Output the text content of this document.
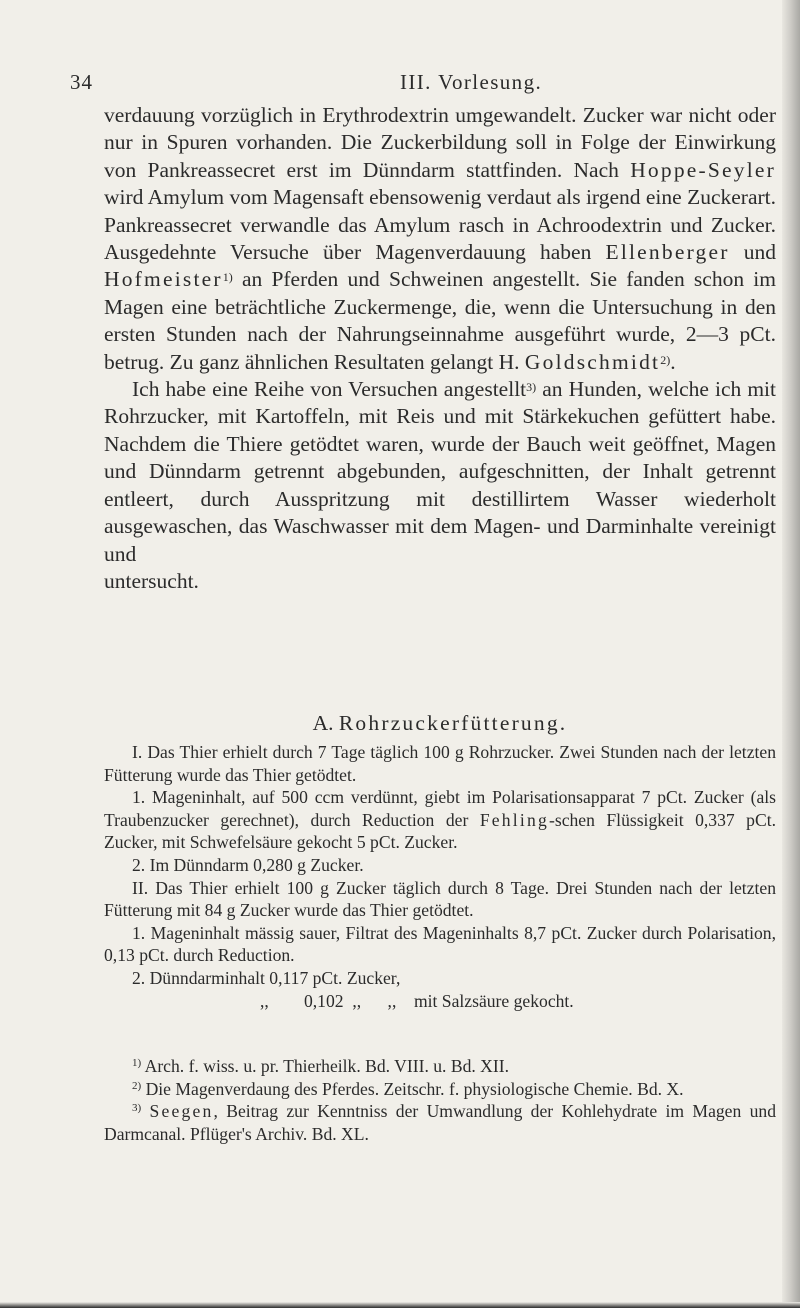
34	III. Vorlesung.

verdauung vorzüglich in Erythrodextrin umgewandelt. Zucker war nicht oder nur in Spuren vorhanden. Die Zuckerbildung soll in Folge der Einwirkung von Pankreassecret erst im Dünndarm stattfinden. Nach Hoppe-Seyler wird Amylum vom Magensaft ebensowenig verdaut als irgend eine Zuckerart. Pankreassecret verwandle das Amylum rasch in Achroodextrin und Zucker. Ausgedehnte Versuche über Magenverdauung haben Ellenberger und Hofmeister$^{1)}$ an Pferden und Schweinen angestellt. Sie fanden schon im Magen eine beträchtliche Zuckermenge, die, wenn die Untersuchung in den ersten Stunden nach der Nahrungseinnahme ausgeführt wurde, 2—3 pCt. betrug. Zu ganz ähnlichen Resultaten gelangt H. Goldschmidt$^{2)}$.

Ich habe eine Reihe von Versuchen angestellt$^{3)}$ an Hunden, welche ich mit Rohrzucker, mit Kartoffeln, mit Reis und mit Stärkekuchen gefüttert habe. Nachdem die Thiere getödtet waren, wurde der Bauch weit geöffnet, Magen und Dünndarm getrennt abgebunden, aufgeschnitten, der Inhalt getrennt entleert, durch Ausspritzung mit destillirtem Wasser wiederholt ausgewaschen, das Waschwasser mit dem Magen- und Darminhalte vereinigt und
untersucht.

A. Rohrzuckerfütterung.

I. Das Thier erhielt durch 7 Tage täglich 100 g Rohrzucker. Zwei Stunden nach der letzten Fütterung wurde das Thier getödtet.

1. Mageninhalt, auf 500 ccm verdünnt, giebt im Polarisationsapparat 7 pCt. Zucker (als Traubenzucker gerechnet), durch Reduction der Fehling-schen Flüssigkeit 0,337 pCt. Zucker, mit Schwefelsäure gekocht 5 pCt. Zucker.

2. Im Dünndarm 0,280 g Zucker.

II. Das Thier erhielt 100 g Zucker täglich durch 8 Tage. Drei Stunden nach der letzten Fütterung mit 84 g Zucker wurde das Thier getödtet.

1. Mageninhalt mässig sauer, Filtrat des Mageninhalts 8,7 pCt. Zucker durch Polarisation, 0,13 pCt. durch Reduction.

2. Dünndarminhalt 0,117 pCt. Zucker,

,,        0,102  ,,      ,,    mit Salzsäure gekocht.

$^{1)}$ Arch. f. wiss. u. pr. Thierheilk. Bd. VIII. u. Bd. XII.

$^{2)}$ Die Magenverdaung des Pferdes. Zeitschr. f. physiologische Chemie. Bd. X.

$^{3)}$ Seegen, Beitrag zur Kenntniss der Umwandlung der Kohlehydrate im Magen und Darmcanal. Pflüger's Archiv. Bd. XL.
